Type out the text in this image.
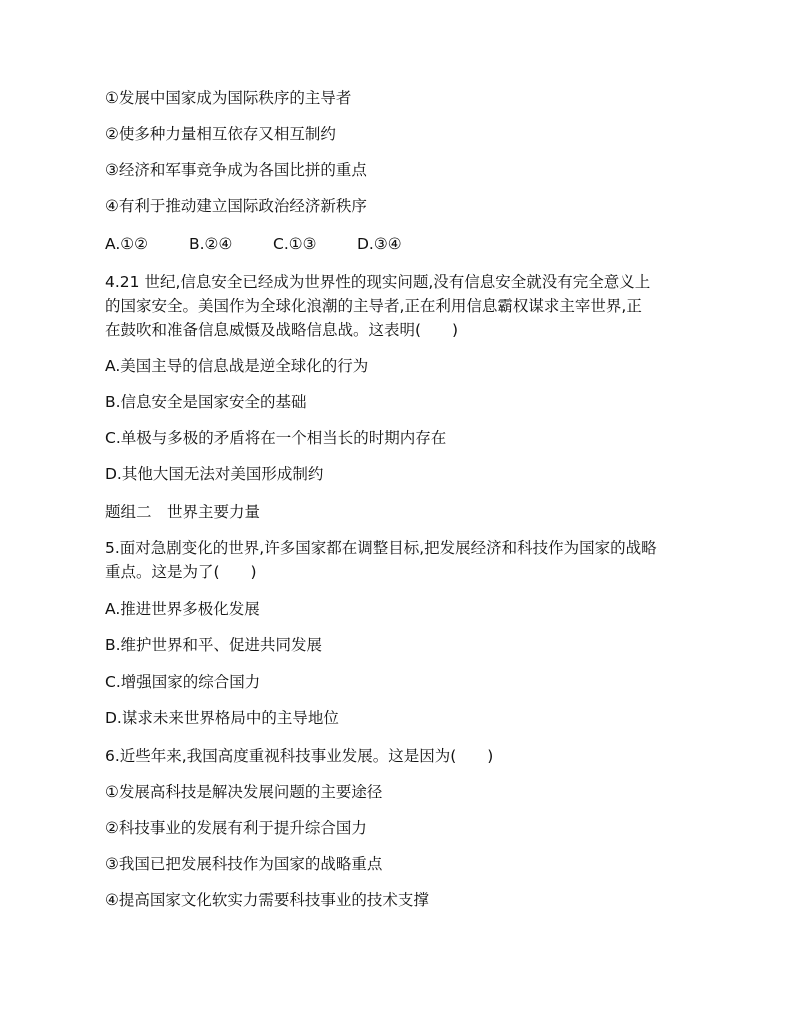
①发展中国家成为国际秩序的主导者
②使多种力量相互依存又相互制约
③经济和军事竞争成为各国比拼的重点
④有利于推动建立国际政治经济新秩序
A.①②	B.②④	C.①③	D.③④
4.21 世纪,信息安全已经成为世界性的现实问题,没有信息安全就没有完全意义上
的国家安全。美国作为全球化浪潮的主导者,正在利用信息霸权谋求主宰世界,正
在鼓吹和准备信息威慑及战略信息战。这表明(　　)
A.美国主导的信息战是逆全球化的行为
B.信息安全是国家安全的基础
C.单极与多极的矛盾将在一个相当长的时期内存在
D.其他大国无法对美国形成制约
题组二　世界主要力量
5.面对急剧变化的世界,许多国家都在调整目标,把发展经济和科技作为国家的战略
重点。这是为了(　　)
A.推进世界多极化发展
B.维护世界和平、促进共同发展
C.增强国家的综合国力
D.谋求未来世界格局中的主导地位
6.近些年来,我国高度重视科技事业发展。这是因为(　　)
①发展高科技是解决发展问题的主要途径
②科技事业的发展有利于提升综合国力
③我国已把发展科技作为国家的战略重点
④提高国家文化软实力需要科技事业的技术支撑
